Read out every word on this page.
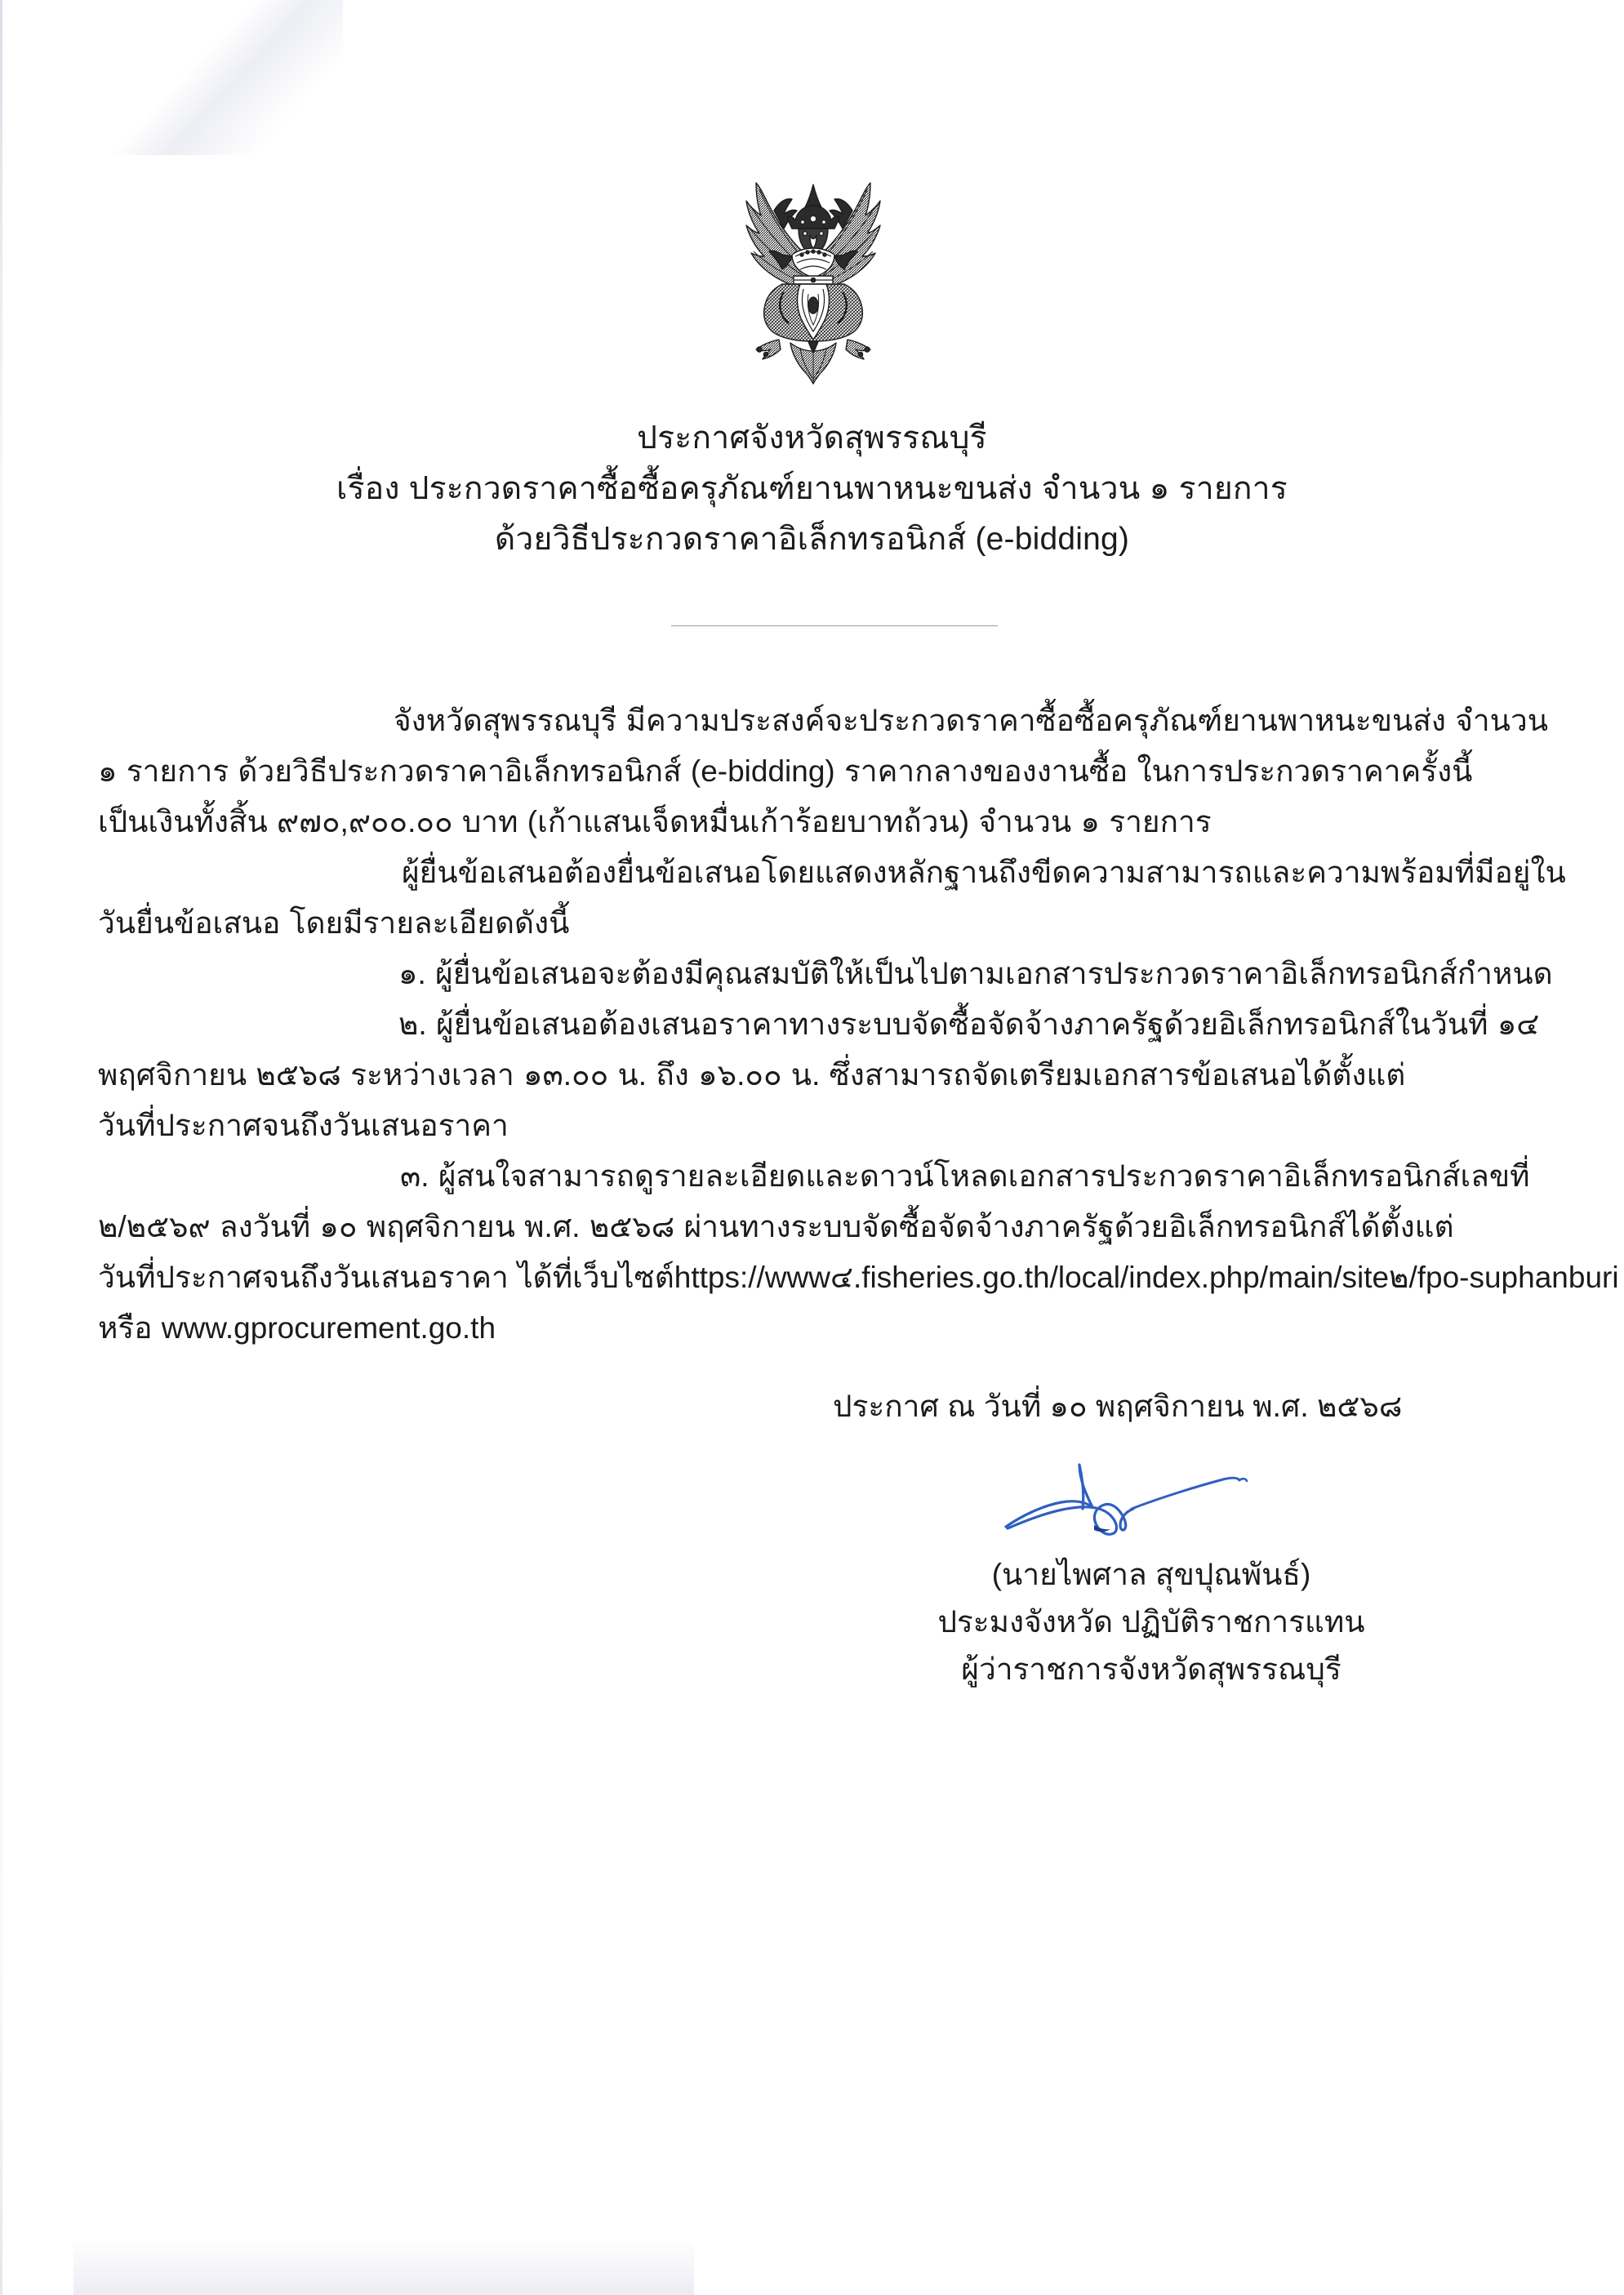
ประกาศจังหวัดสุพรรณบุรี
เรื่อง ประกวดราคาซื้อซื้อครุภัณฑ์ยานพาหนะขนส่ง จำนวน ๑ รายการ
ด้วยวิธีประกวดราคาอิเล็กทรอนิกส์ (e-bidding)
จังหวัดสุพรรณบุรี มีความประสงค์จะประกวดราคาซื้อซื้อครุภัณฑ์ยานพาหนะขนส่ง จำนวน
๑ รายการ ด้วยวิธีประกวดราคาอิเล็กทรอนิกส์ (e-bidding) ราคากลางของงานซื้อ ในการประกวดราคาครั้งนี้
เป็นเงินทั้งสิ้น ๙๗๐,๙๐๐.๐๐ บาท (เก้าแสนเจ็ดหมื่นเก้าร้อยบาทถ้วน) จำนวน ๑ รายการ
ผู้ยื่นข้อเสนอต้องยื่นข้อเสนอโดยแสดงหลักฐานถึงขีดความสามารถและความพร้อมที่มีอยู่ใน
วันยื่นข้อเสนอ โดยมีรายละเอียดดังนี้
๑. ผู้ยื่นข้อเสนอจะต้องมีคุณสมบัติให้เป็นไปตามเอกสารประกวดราคาอิเล็กทรอนิกส์กำหนด
๒. ผู้ยื่นข้อเสนอต้องเสนอราคาทางระบบจัดซื้อจัดจ้างภาครัฐด้วยอิเล็กทรอนิกส์ในวันที่ ๑๔
พฤศจิกายน ๒๕๖๘ ระหว่างเวลา ๑๓.๐๐ น. ถึง ๑๖.๐๐ น. ซึ่งสามารถจัดเตรียมเอกสารข้อเสนอได้ตั้งแต่
วันที่ประกาศจนถึงวันเสนอราคา
๓. ผู้สนใจสามารถดูรายละเอียดและดาวน์โหลดเอกสารประกวดราคาอิเล็กทรอนิกส์เลขที่
๒/๒๕๖๙ ลงวันที่ ๑๐ พฤศจิกายน พ.ศ. ๒๕๖๘ ผ่านทางระบบจัดซื้อจัดจ้างภาครัฐด้วยอิเล็กทรอนิกส์ได้ตั้งแต่
วันที่ประกาศจนถึงวันเสนอราคา ได้ที่เว็บไซต์https://www๔.fisheries.go.th/local/index.php/main/site๒/fpo-suphanburi
หรือ www.gprocurement.go.th
ประกาศ ณ วันที่ ๑๐ พฤศจิกายน พ.ศ. ๒๕๖๘
(นายไพศาล สุขปุณพันธ์)
ประมงจังหวัด ปฏิบัติราชการแทน
ผู้ว่าราชการจังหวัดสุพรรณบุรี
